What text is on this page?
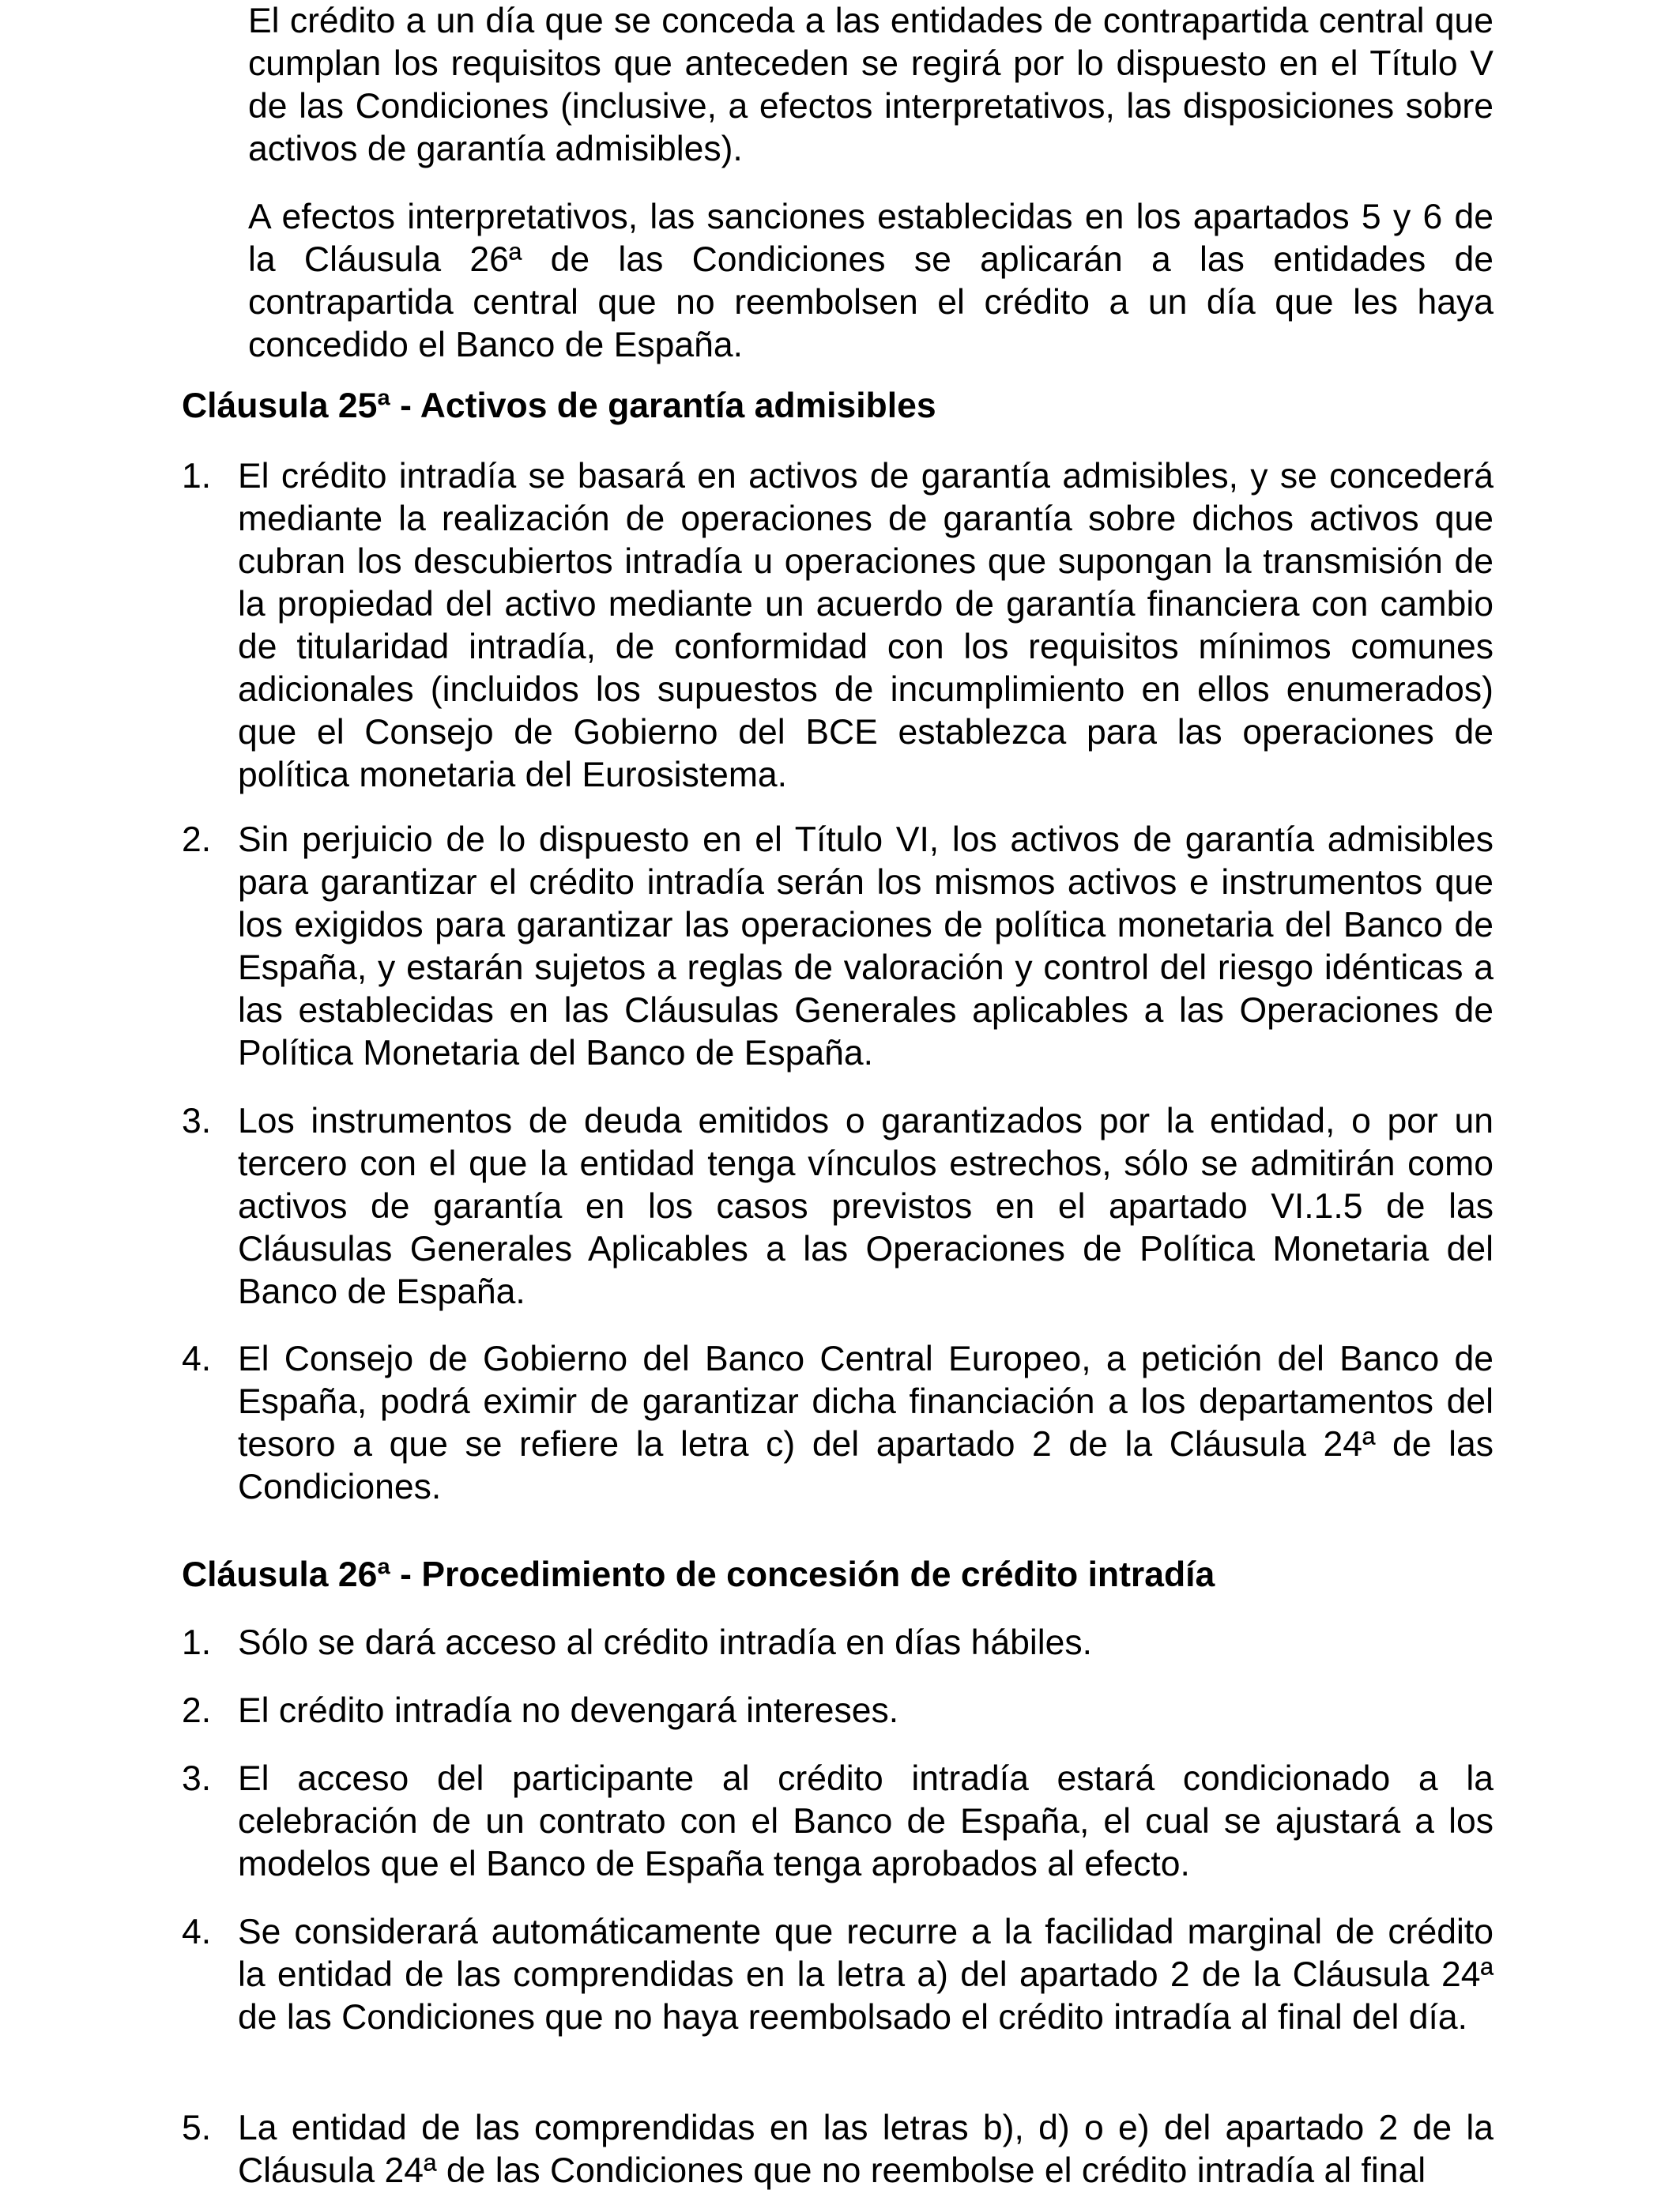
El crédito a un día que se conceda a las entidades de contrapartida central que cumplan los requisitos que anteceden se regirá por lo dispuesto en el Título V de las Condiciones (inclusive, a efectos interpretativos, las disposiciones sobre activos de garantía admisibles).

A efectos interpretativos, las sanciones establecidas en los apartados 5 y 6 de la Cláusula 26ª de las Condiciones se aplicarán a las entidades de contrapartida central que no reembolsen el crédito a un día que les haya concedido el Banco de España.

Cláusula 25ª - Activos de garantía admisibles
1. El crédito intradía se basará en activos de garantía admisibles, y se concederá mediante la realización de operaciones de garantía sobre dichos activos que cubran los descubiertos intradía u operaciones que supongan la transmisión de la propiedad del activo mediante un acuerdo de garantía financiera con cambio de titularidad intradía, de conformidad con los requisitos mínimos comunes adicionales (incluidos los supuestos de incumplimiento en ellos enumerados) que el Consejo de Gobierno del BCE establezca para las operaciones de política monetaria del Eurosistema.

2. Sin perjuicio de lo dispuesto en el Título VI, los activos de garantía admisibles para garantizar el crédito intradía serán los mismos activos e instrumentos que los exigidos para garantizar las operaciones de política monetaria del Banco de España, y estarán sujetos a reglas de valoración y control del riesgo idénticas a las establecidas en las Cláusulas Generales aplicables a las Operaciones de Política Monetaria del Banco de España.

3. Los instrumentos de deuda emitidos o garantizados por la entidad, o por un tercero con el que la entidad tenga vínculos estrechos, sólo se admitirán como activos de garantía en los casos previstos en el apartado VI.1.5 de las Cláusulas Generales Aplicables a las Operaciones de Política Monetaria del Banco de España.

4. El Consejo de Gobierno del Banco Central Europeo, a petición del Banco de España, podrá eximir de garantizar dicha financiación a los departamentos del tesoro a que se refiere la letra c) del apartado 2 de la Cláusula 24ª de las Condiciones.

Cláusula 26ª - Procedimiento de concesión de crédito intradía
1. Sólo se dará acceso al crédito intradía en días hábiles.

2. El crédito intradía no devengará intereses.

3. El acceso del participante al crédito intradía estará condicionado a la celebración de un contrato con el Banco de España, el cual se ajustará a los modelos que el Banco de España tenga aprobados al efecto.

4. Se considerará automáticamente que recurre a la facilidad marginal de crédito la entidad de las comprendidas en la letra a) del apartado 2 de la Cláusula 24ª de las Condiciones que no haya reembolsado el crédito intradía al final del día.

5. La entidad de las comprendidas en las letras b), d) o e) del apartado 2 de la Cláusula 24ª de las Condiciones que no reembolse el crédito intradía al final
